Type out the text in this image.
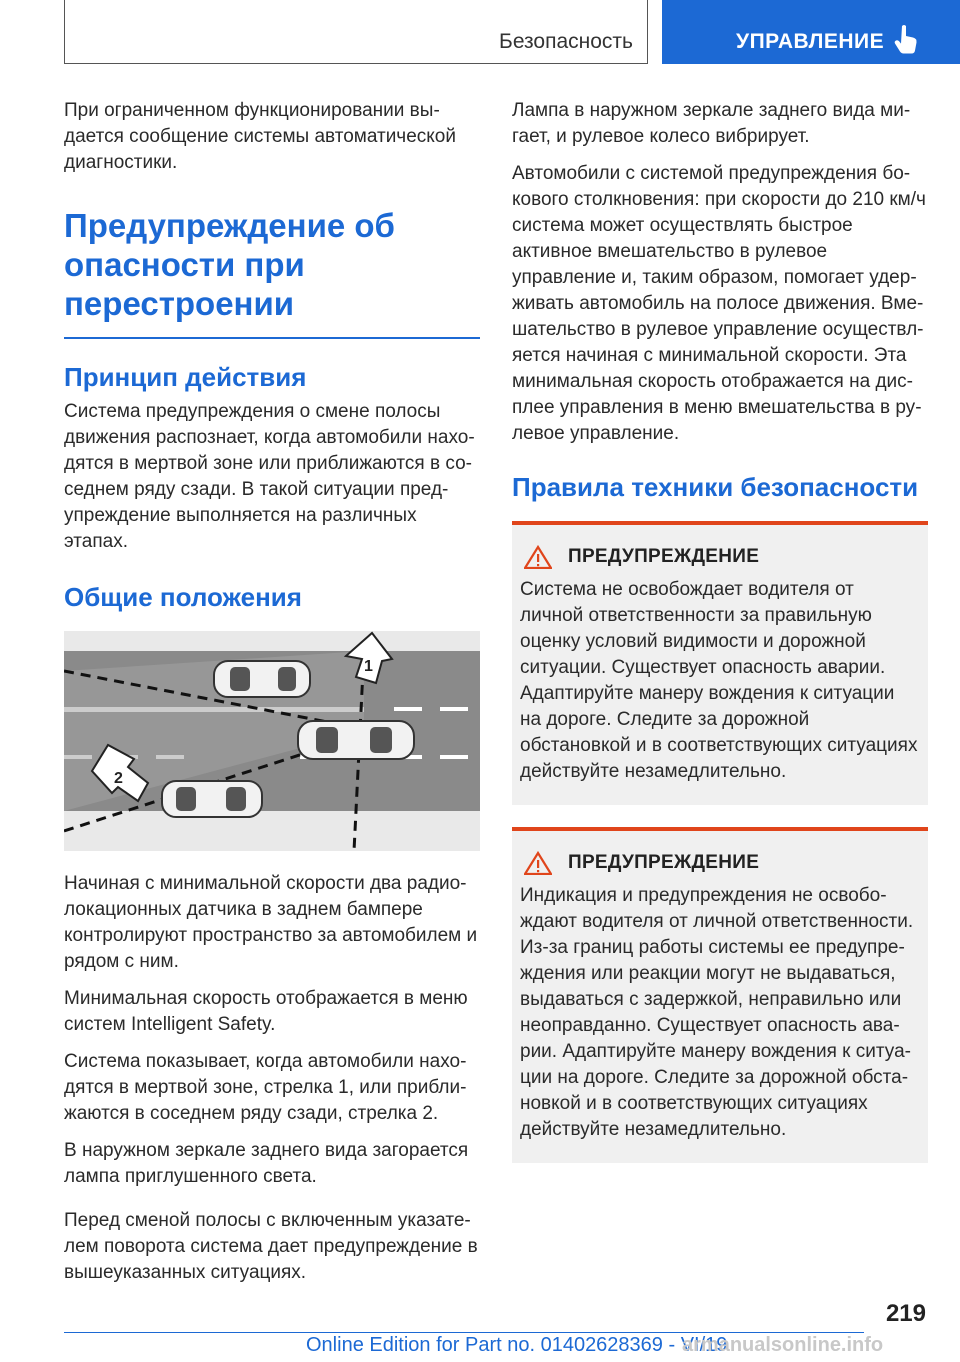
Безопасность	УПРАВЛЕНИЕ

При ограниченном функционировании выдается сообщение системы автоматической диагностики.

Предупреждение об опасности при перестроении
Принцип действия

Система предупреждения о смене полосы движения распознает, когда автомобили находятся в мертвой зоне или приближаются в соседнем ряду сзади. В такой ситуации предупреждение выполняется на различных этапах.

Общие положения
1
2

Начиная с минимальной скорости два радиолокационных датчика в заднем бампере контролируют пространство за автомобилем и рядом с ним.

Минимальная скорость отображается в меню систем Intelligent Safety.

Система показывает, когда автомобили находятся в мертвой зоне, стрелка 1, или приближаются в соседнем ряду сзади, стрелка 2.

В наружном зеркале заднего вида загорается лампа приглушенного света.

Перед сменой полосы с включенным указателем поворота система дает предупреждение в вышеуказанных ситуациях.

Лампа в наружном зеркале заднего вида мигает, и рулевое колесо вибрирует.

Автомобили с системой предупреждения бокового столкновения: при скорости до 210 км/ч система может осуществлять быстрое активное вмешательство в рулевое управление и, таким образом, помогает удерживать автомобиль на полосе движения. Вмешательство в рулевое управление осуществляется начиная с минимальной скорости. Эта минимальная скорость отображается на дисплее управления в меню вмешательства в рулевое управление.

Правила техники безопасности
ПРЕДУПРЕЖДЕНИЕ

Система не освобождает водителя от личной ответственности за правильную оценку условий видимости и дорожной ситуации. Существует опасность аварии. Адаптируйте манеру вождения к ситуации на дороге. Следите за дорожной обстановкой и в соответствующих ситуациях действуйте незамедлительно.

ПРЕДУПРЕЖДЕНИЕ

Индикация и предупреждения не освобождают водителя от личной ответственности. Из-за границ работы системы ее предупреждения или реакции могут не выдаваться, выдаваться с задержкой, неправильно или неоправданно. Существует опасность аварии. Адаптируйте манеру вождения к ситуации на дороге. Следите за дорожной обстановкой и в соответствующих ситуациях действуйте незамедлительно.

219
Online Edition for Part no. 01402628369 - VI/19
armanualsonline.info
